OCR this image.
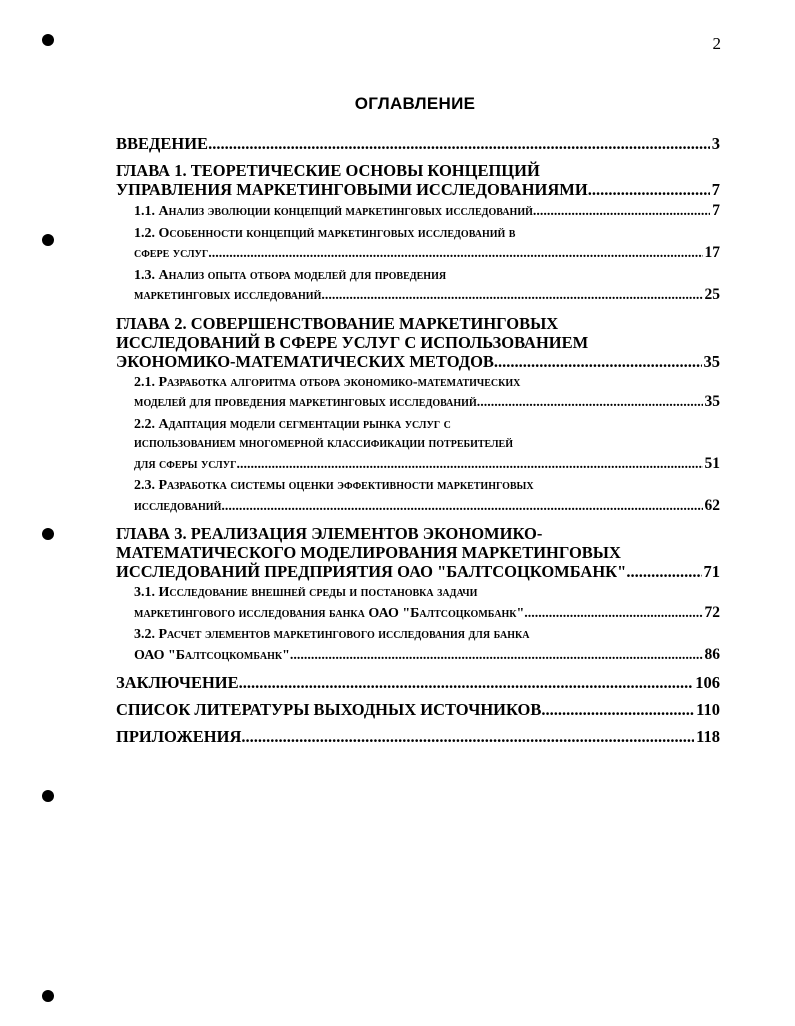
2
ОГЛАВЛЕНИЕ
ВВЕДЕНИЕ .....	3
ГЛАВА 1. ТЕОРЕТИЧЕСКИЕ ОСНОВЫ КОНЦЕПЦИЙ
УПРАВЛЕНИЯ МАРКЕТИНГОВЫМИ ИССЛЕДОВАНИЯМИ .....	7
1.1. Анализ эволюции концепций маркетинговых исследований .....	7
1.2. Особенности концепций маркетинговых исследований в
сфере услуг .....	17
1.3. Анализ опыта отбора моделей для проведения
маркетинговых исследований .....	25
ГЛАВА 2. СОВЕРШЕНСТВОВАНИЕ МАРКЕТИНГОВЫХ
ИССЛЕДОВАНИЙ В СФЕРЕ УСЛУГ С ИСПОЛЬЗОВАНИЕМ
ЭКОНОМИКО-МАТЕМАТИЧЕСКИХ МЕТОДОВ .....	35
2.1. Разработка алгоритма отбора экономико-математических
моделей для проведения маркетинговых исследований .....	35
2.2. Адаптация модели сегментации рынка услуг с
использованием многомерной классификации потребителей
для сферы услуг .....	51
2.3. Разработка системы оценки эффективности маркетинговых
исследований .....	62
ГЛАВА 3. РЕАЛИЗАЦИЯ ЭЛЕМЕНТОВ ЭКОНОМИКО-
МАТЕМАТИЧЕСКОГО МОДЕЛИРОВАНИЯ МАРКЕТИНГОВЫХ
ИССЛЕДОВАНИЙ ПРЕДПРИЯТИЯ ОАО "БАЛТСОЦКОМБАНК" .....	71
3.1. Исследование внешней среды и постановка задачи
маркетингового исследования банка ОАО "Балтсоцкомбанк" .....	72
3.2. Расчет элементов маркетингового исследования для банка
ОАО "Балтсоцкомбанк" .....	86
ЗАКЛЮЧЕНИЕ .....	106
СПИСОК ЛИТЕРАТУРЫ ВЫХОДНЫХ ИСТОЧНИКОВ .....	110
ПРИЛОЖЕНИЯ .....	118
